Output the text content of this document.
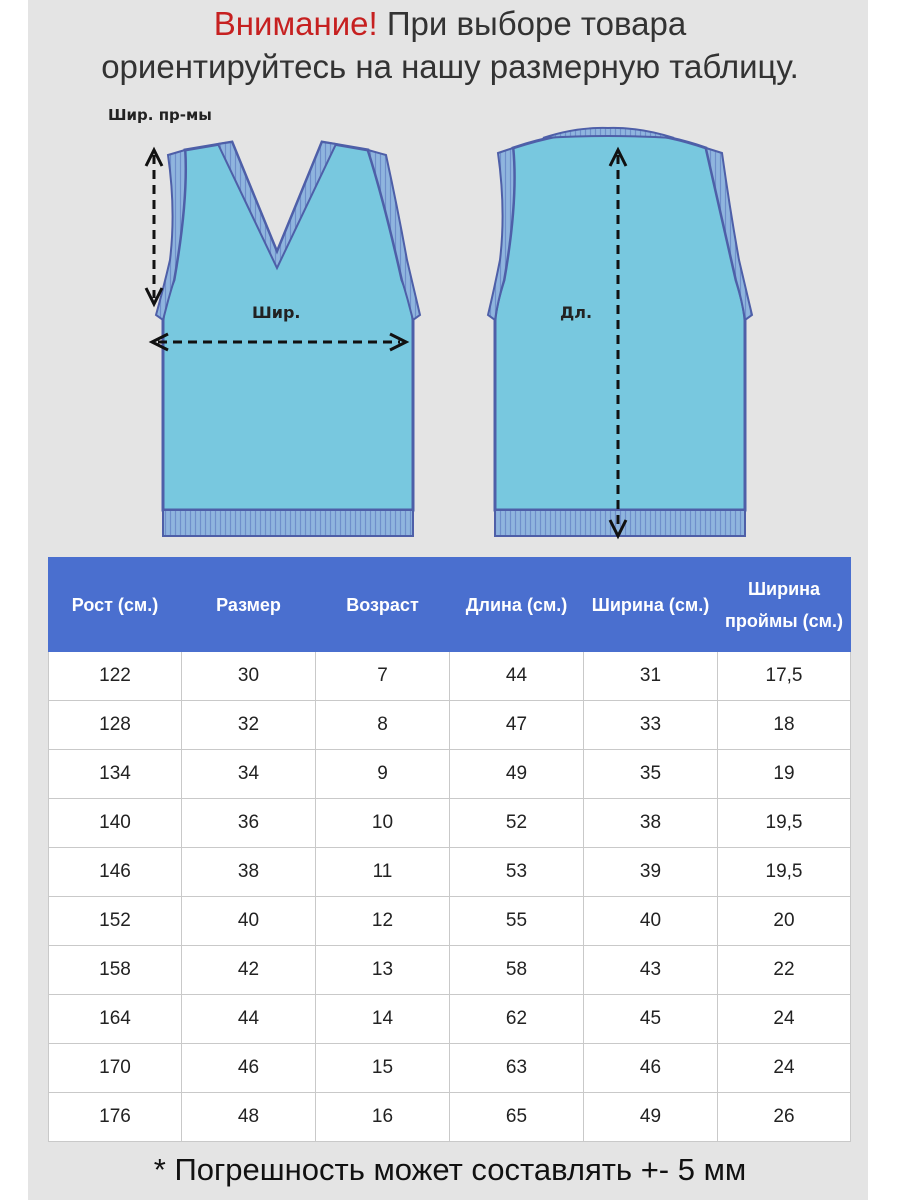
Внимание! При выборе товара
ориентируйтесь на нашу размерную таблицу.
Шир. пр-мы
Шир.	Дл.
Рост (см.)	Размер	Возраст	Длина (см.)	Ширина (см.)	Ширина проймы (см.)
122	30	7	44	31	17,5
128	32	8	47	33	18
134	34	9	49	35	19
140	36	10	52	38	19,5
146	38	11	53	39	19,5
152	40	12	55	40	20
158	42	13	58	43	22
164	44	14	62	45	24
170	46	15	63	46	24
176	48	16	65	49	26
* Погрешность может составлять +- 5 мм
